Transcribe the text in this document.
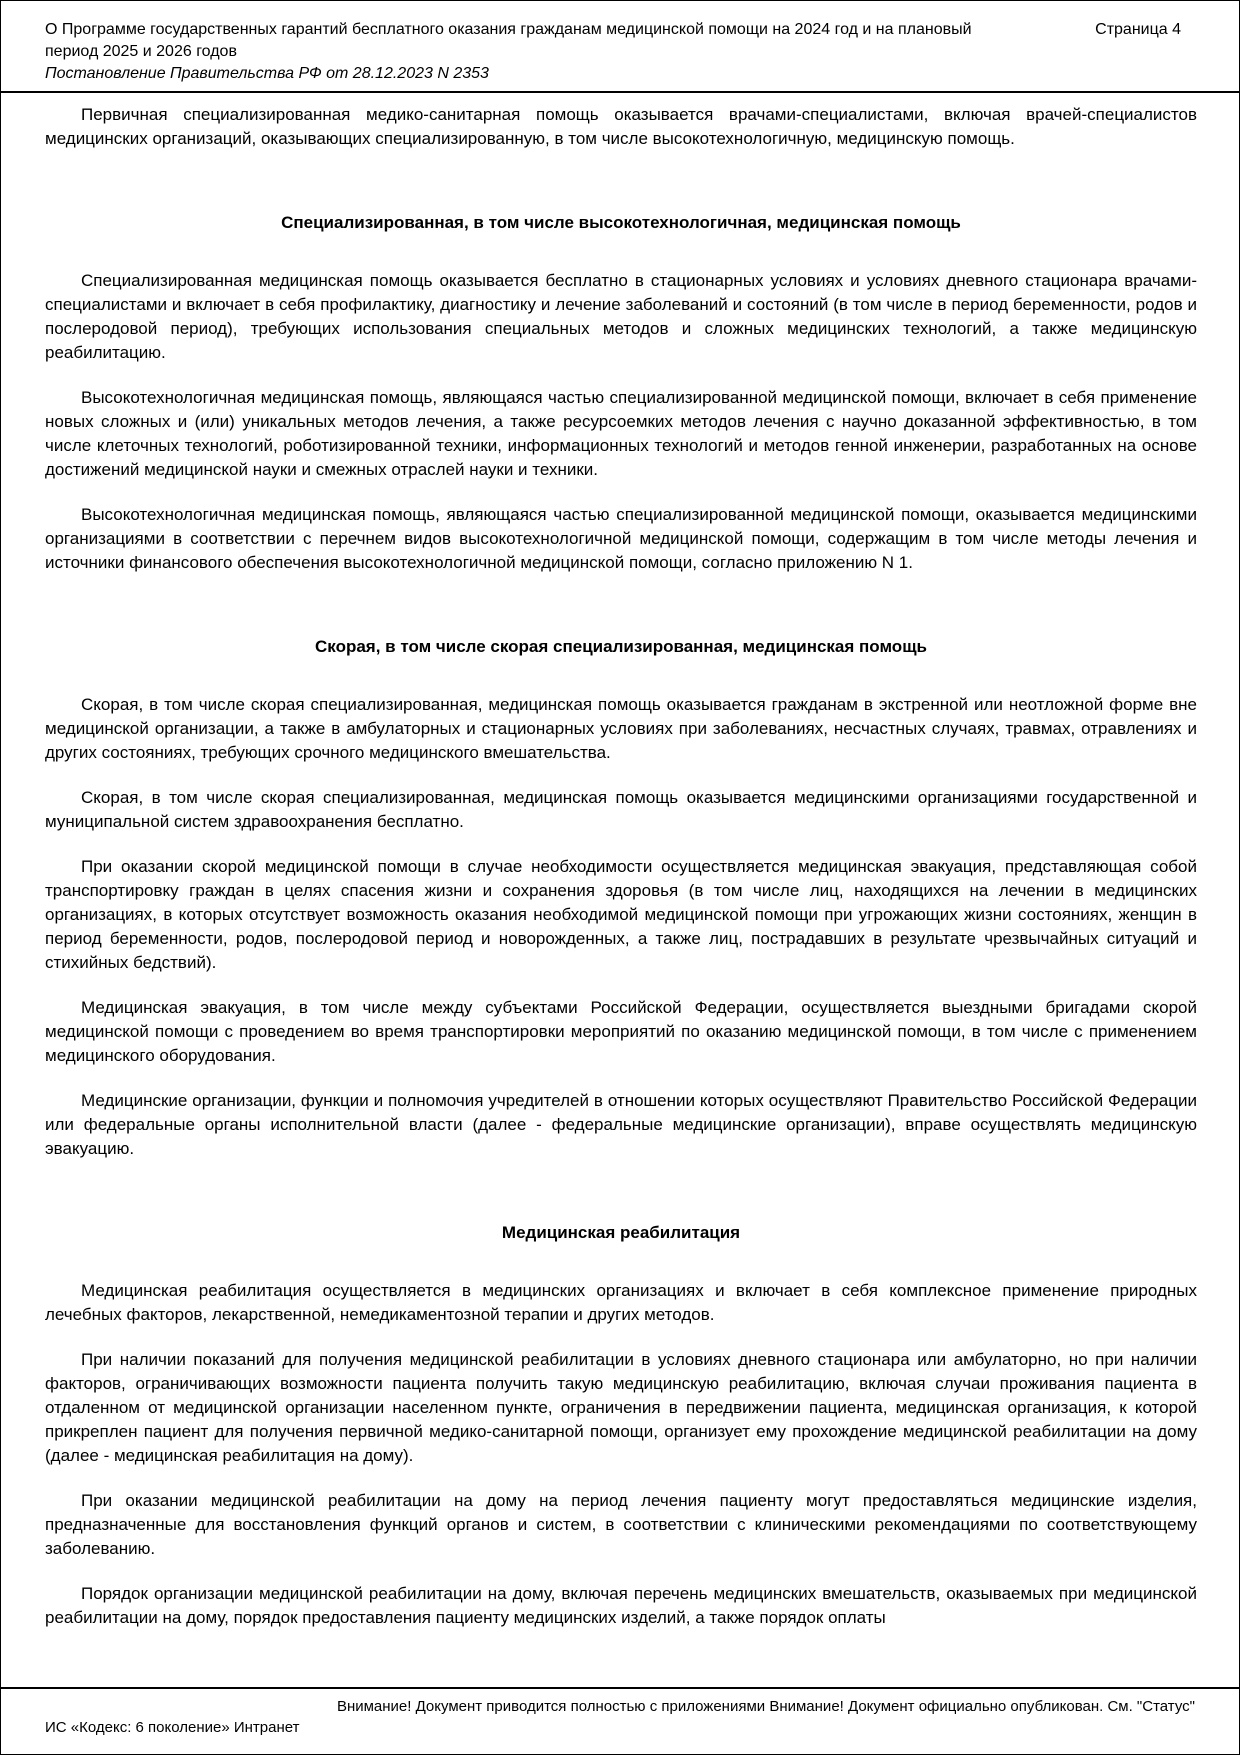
О Программе государственных гарантий бесплатного оказания гражданам медицинской помощи на 2024 год и на плановый период 2025 и 2026 годов
Постановление Правительства РФ от 28.12.2023 N 2353
Страница 4

Первичная специализированная медико-санитарная помощь оказывается врачами-специалистами, включая врачей-специалистов медицинских организаций, оказывающих специализированную, в том числе высокотехнологичную, медицинскую помощь.

Специализированная, в том числе высокотехнологичная, медицинская помощь

Специализированная медицинская помощь оказывается бесплатно в стационарных условиях и условиях дневного стационара врачами-специалистами и включает в себя профилактику, диагностику и лечение заболеваний и состояний (в том числе в период беременности, родов и послеродовой период), требующих использования специальных методов и сложных медицинских технологий, а также медицинскую реабилитацию.

Высокотехнологичная медицинская помощь, являющаяся частью специализированной медицинской помощи, включает в себя применение новых сложных и (или) уникальных методов лечения, а также ресурсоемких методов лечения с научно доказанной эффективностью, в том числе клеточных технологий, роботизированной техники, информационных технологий и методов генной инженерии, разработанных на основе достижений медицинской науки и смежных отраслей науки и техники.

Высокотехнологичная медицинская помощь, являющаяся частью специализированной медицинской помощи, оказывается медицинскими организациями в соответствии с перечнем видов высокотехнологичной медицинской помощи, содержащим в том числе методы лечения и источники финансового обеспечения высокотехнологичной медицинской помощи, согласно приложению N 1.

Скорая, в том числе скорая специализированная, медицинская помощь

Скорая, в том числе скорая специализированная, медицинская помощь оказывается гражданам в экстренной или неотложной форме вне медицинской организации, а также в амбулаторных и стационарных условиях при заболеваниях, несчастных случаях, травмах, отравлениях и других состояниях, требующих срочного медицинского вмешательства.

Скорая, в том числе скорая специализированная, медицинская помощь оказывается медицинскими организациями государственной и муниципальной систем здравоохранения бесплатно.

При оказании скорой медицинской помощи в случае необходимости осуществляется медицинская эвакуация, представляющая собой транспортировку граждан в целях спасения жизни и сохранения здоровья (в том числе лиц, находящихся на лечении в медицинских организациях, в которых отсутствует возможность оказания необходимой медицинской помощи при угрожающих жизни состояниях, женщин в период беременности, родов, послеродовой период и новорожденных, а также лиц, пострадавших в результате чрезвычайных ситуаций и стихийных бедствий).

Медицинская эвакуация, в том числе между субъектами Российской Федерации, осуществляется выездными бригадами скорой медицинской помощи с проведением во время транспортировки мероприятий по оказанию медицинской помощи, в том числе с применением медицинского оборудования.

Медицинские организации, функции и полномочия учредителей в отношении которых осуществляют Правительство Российской Федерации или федеральные органы исполнительной власти (далее - федеральные медицинские организации), вправе осуществлять медицинскую эвакуацию.

Медицинская реабилитация

Медицинская реабилитация осуществляется в медицинских организациях и включает в себя комплексное применение природных лечебных факторов, лекарственной, немедикаментозной терапии и других методов.

При наличии показаний для получения медицинской реабилитации в условиях дневного стационара или амбулаторно, но при наличии факторов, ограничивающих возможности пациента получить такую медицинскую реабилитацию, включая случаи проживания пациента в отдаленном от медицинской организации населенном пункте, ограничения в передвижении пациента, медицинская организация, к которой прикреплен пациент для получения первичной медико-санитарной помощи, организует ему прохождение медицинской реабилитации на дому (далее - медицинская реабилитация на дому).

При оказании медицинской реабилитации на дому на период лечения пациенту могут предоставляться медицинские изделия, предназначенные для восстановления функций органов и систем, в соответствии с клиническими рекомендациями по соответствующему заболеванию.

Порядок организации медицинской реабилитации на дому, включая перечень медицинских вмешательств, оказываемых при медицинской реабилитации на дому, порядок предоставления пациенту медицинских изделий, а также порядок оплаты

Внимание! Документ приводится полностью с приложениями Внимание! Документ официально опубликован. См. "Статус"
ИС «Кодекс: 6 поколение» Интранет
